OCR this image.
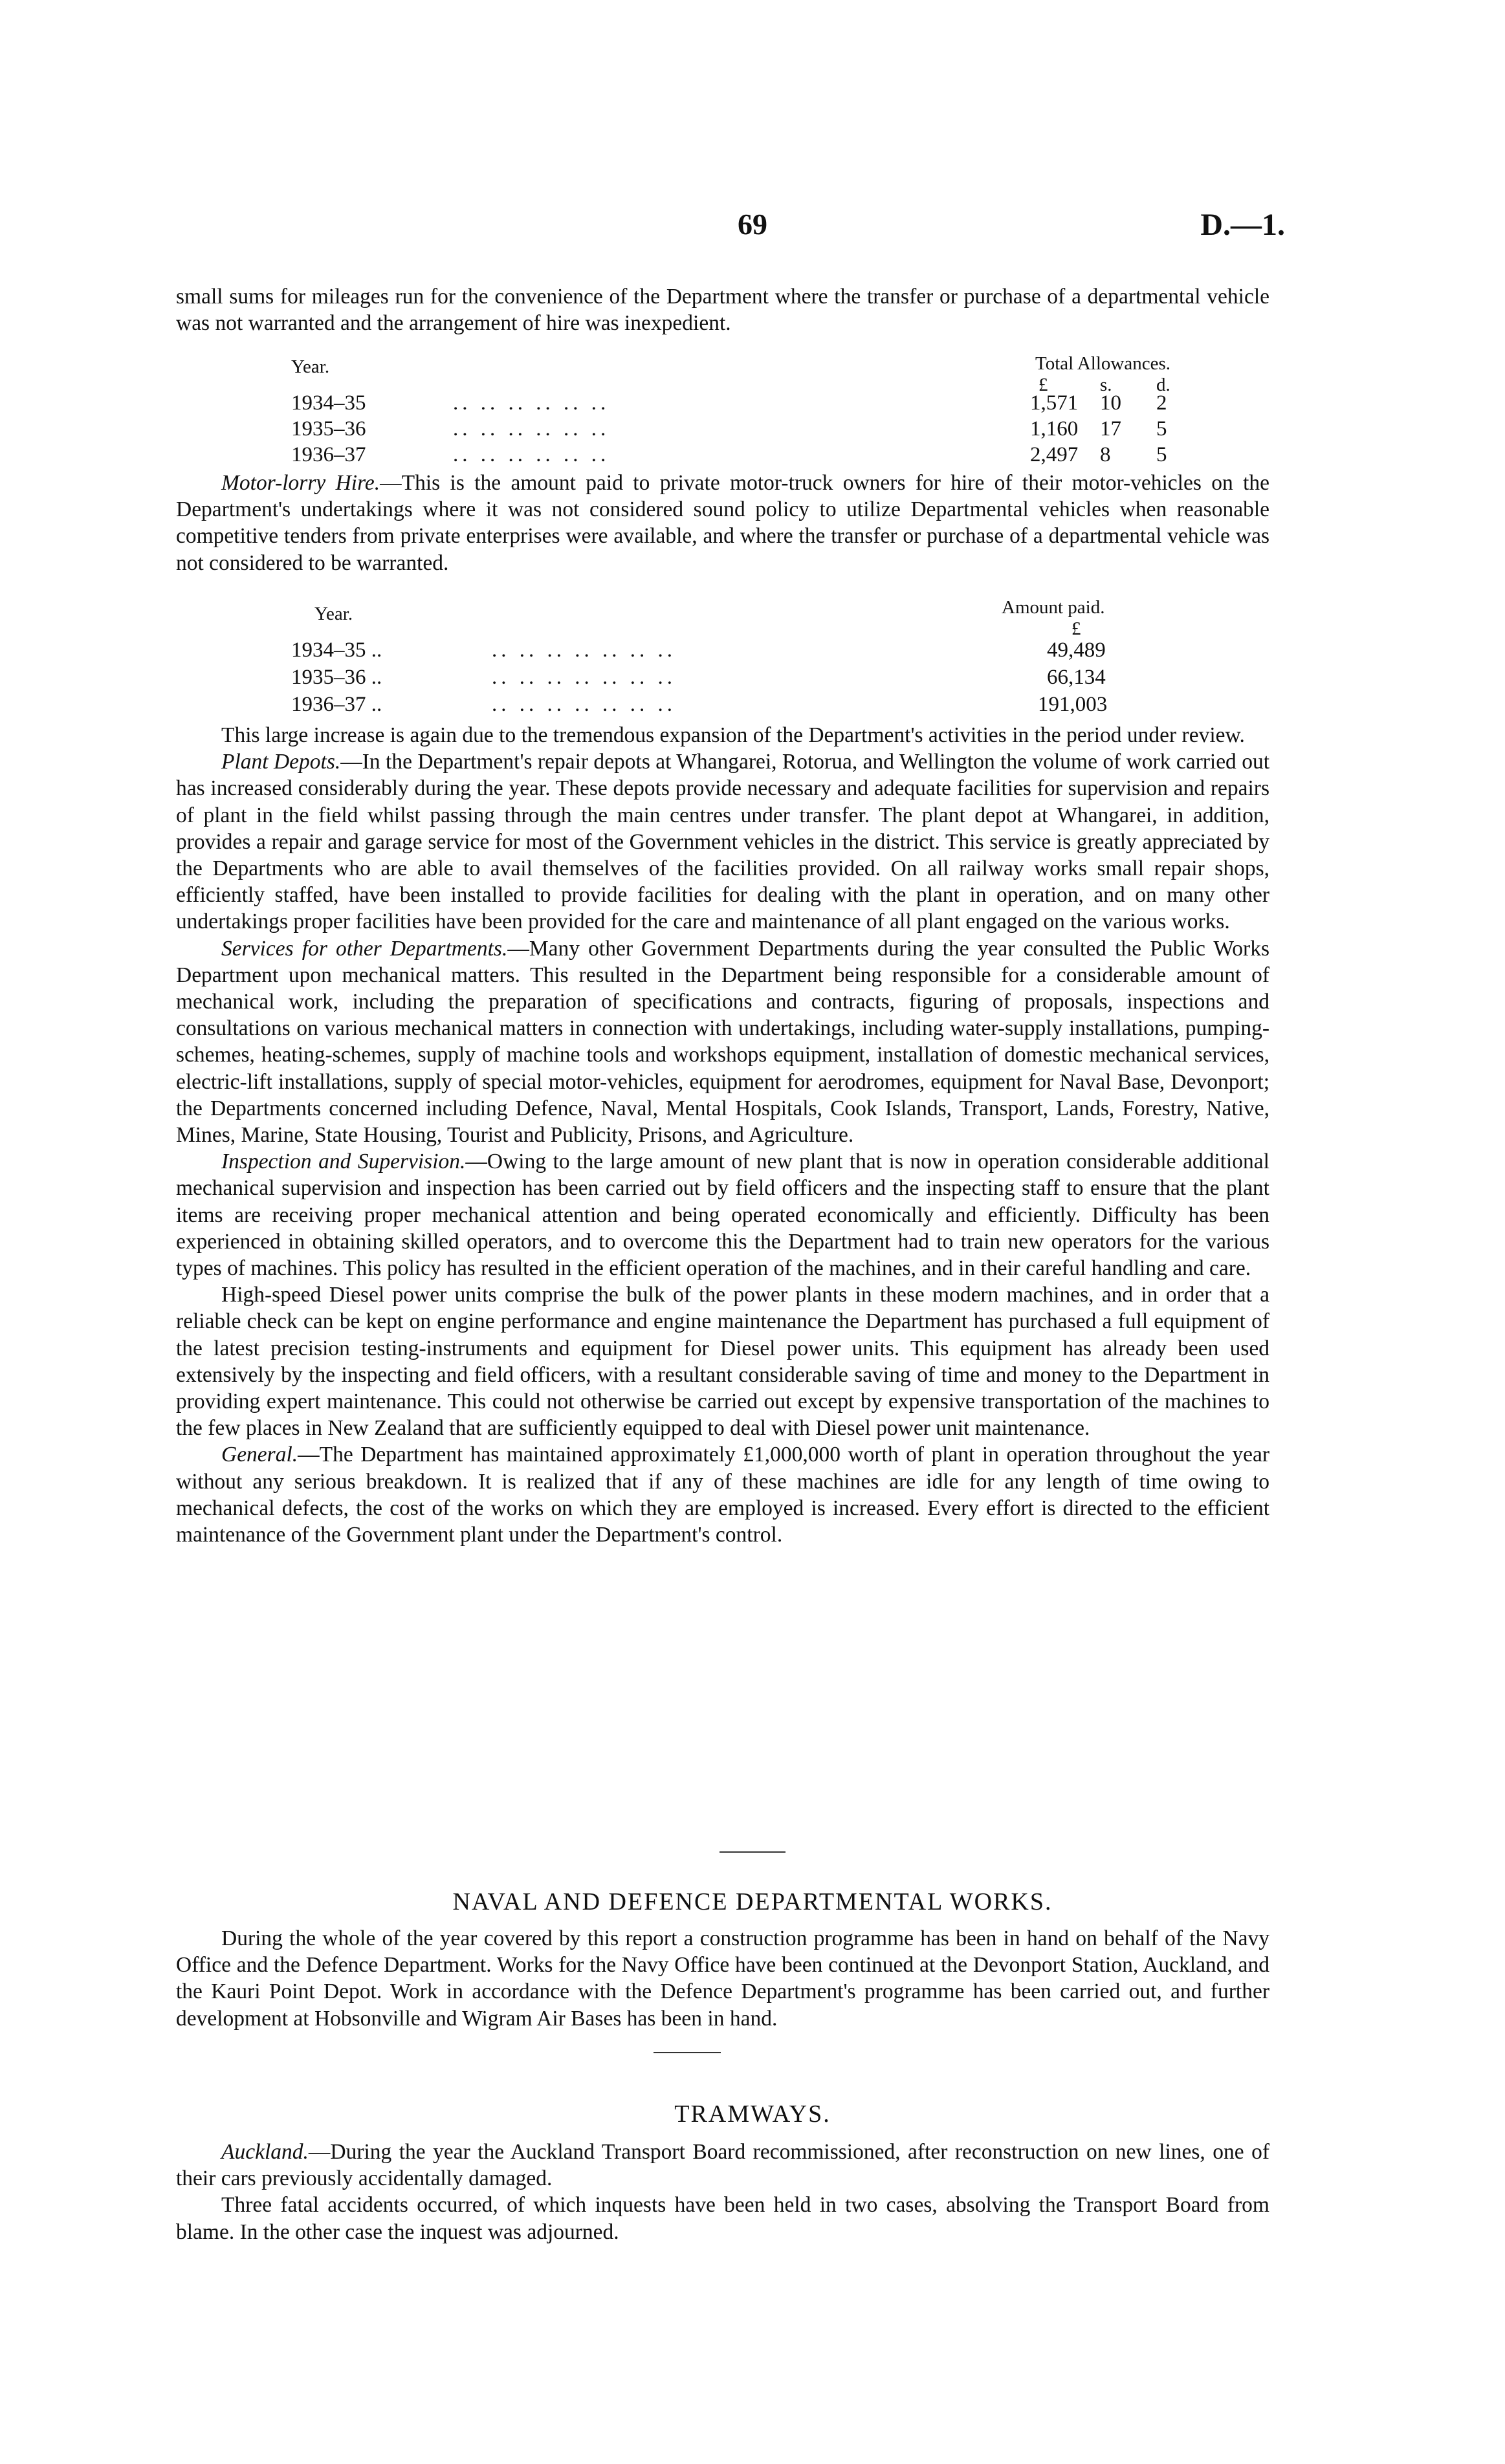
69	D.—1.

small sums for mileages run for the convenience of the Department where the transfer or purchase of a departmental vehicle was not warranted and the arrangement of hire was inexpedient.

Year.	Total Allowances.
£	s. d.
1934–35	.. .. .. .. .. ..	1,571 10 2
1935–36	.. .. .. .. .. ..	1,160 17 5
1936–37	.. .. .. .. .. ..	2,497 8 5

Motor-lorry Hire.—This is the amount paid to private motor-truck owners for hire of their motor-vehicles on the Department's undertakings where it was not considered sound policy to utilize Departmental vehicles when reasonable competitive tenders from private enterprises were available, and where the transfer or purchase of a departmental vehicle was not considered to be warranted.

Year.	Amount paid.
£
1934–35 ..	.. .. .. .. .. .. ..	49,489
1935–36 ..	.. .. .. .. .. .. ..	66,134
1936–37 ..	.. .. .. .. .. .. ..	191,003

This large increase is again due to the tremendous expansion of the Department's activities in the period under review.

Plant Depots.—In the Department's repair depots at Whangarei, Rotorua, and Wellington the volume of work carried out has increased considerably during the year. These depots provide necessary and adequate facilities for supervision and repairs of plant in the field whilst passing through the main centres under transfer. The plant depot at Whangarei, in addition, provides a repair and garage service for most of the Government vehicles in the district. This service is greatly appreciated by the Departments who are able to avail themselves of the facilities provided. On all railway works small repair shops, efficiently staffed, have been installed to provide facilities for dealing with the plant in operation, and on many other undertakings proper facilities have been provided for the care and maintenance of all plant engaged on the various works.

Services for other Departments.—Many other Government Departments during the year consulted the Public Works Department upon mechanical matters. This resulted in the Department being responsible for a considerable amount of mechanical work, including the preparation of specifications and contracts, figuring of proposals, inspections and consultations on various mechanical matters in connection with undertakings, including water-supply installations, pumping-schemes, heating-schemes, supply of machine tools and workshops equipment, installation of domestic mechanical services, electric-lift installations, supply of special motor-vehicles, equipment for aerodromes, equipment for Naval Base, Devonport; the Departments concerned including Defence, Naval, Mental Hospitals, Cook Islands, Transport, Lands, Forestry, Native, Mines, Marine, State Housing, Tourist and Publicity, Prisons, and Agriculture.

Inspection and Supervision.—Owing to the large amount of new plant that is now in operation considerable additional mechanical supervision and inspection has been carried out by field officers and the inspecting staff to ensure that the plant items are receiving proper mechanical attention and being operated economically and efficiently. Difficulty has been experienced in obtaining skilled operators, and to overcome this the Department had to train new operators for the various types of machines. This policy has resulted in the efficient operation of the machines, and in their careful handling and care.

High-speed Diesel power units comprise the bulk of the power plants in these modern machines, and in order that a reliable check can be kept on engine performance and engine maintenance the Department has purchased a full equipment of the latest precision testing-instruments and equipment for Diesel power units. This equipment has already been used extensively by the inspecting and field officers, with a resultant considerable saving of time and money to the Department in providing expert maintenance. This could not otherwise be carried out except by expensive transportation of the machines to the few places in New Zealand that are sufficiently equipped to deal with Diesel power unit maintenance.

General.—The Department has maintained approximately £1,000,000 worth of plant in operation throughout the year without any serious breakdown. It is realized that if any of these machines are idle for any length of time owing to mechanical defects, the cost of the works on which they are employed is increased. Every effort is directed to the efficient maintenance of the Government plant under the Department's control.

NAVAL AND DEFENCE DEPARTMENTAL WORKS.

During the whole of the year covered by this report a construction programme has been in hand on behalf of the Navy Office and the Defence Department. Works for the Navy Office have been continued at the Devonport Station, Auckland, and the Kauri Point Depot. Work in accordance with the Defence Department's programme has been carried out, and further development at Hobsonville and Wigram Air Bases has been in hand.

TRAMWAYS.

Auckland.—During the year the Auckland Transport Board recommissioned, after reconstruction on new lines, one of their cars previously accidentally damaged.

Three fatal accidents occurred, of which inquests have been held in two cases, absolving the Transport Board from blame. In the other case the inquest was adjourned.
